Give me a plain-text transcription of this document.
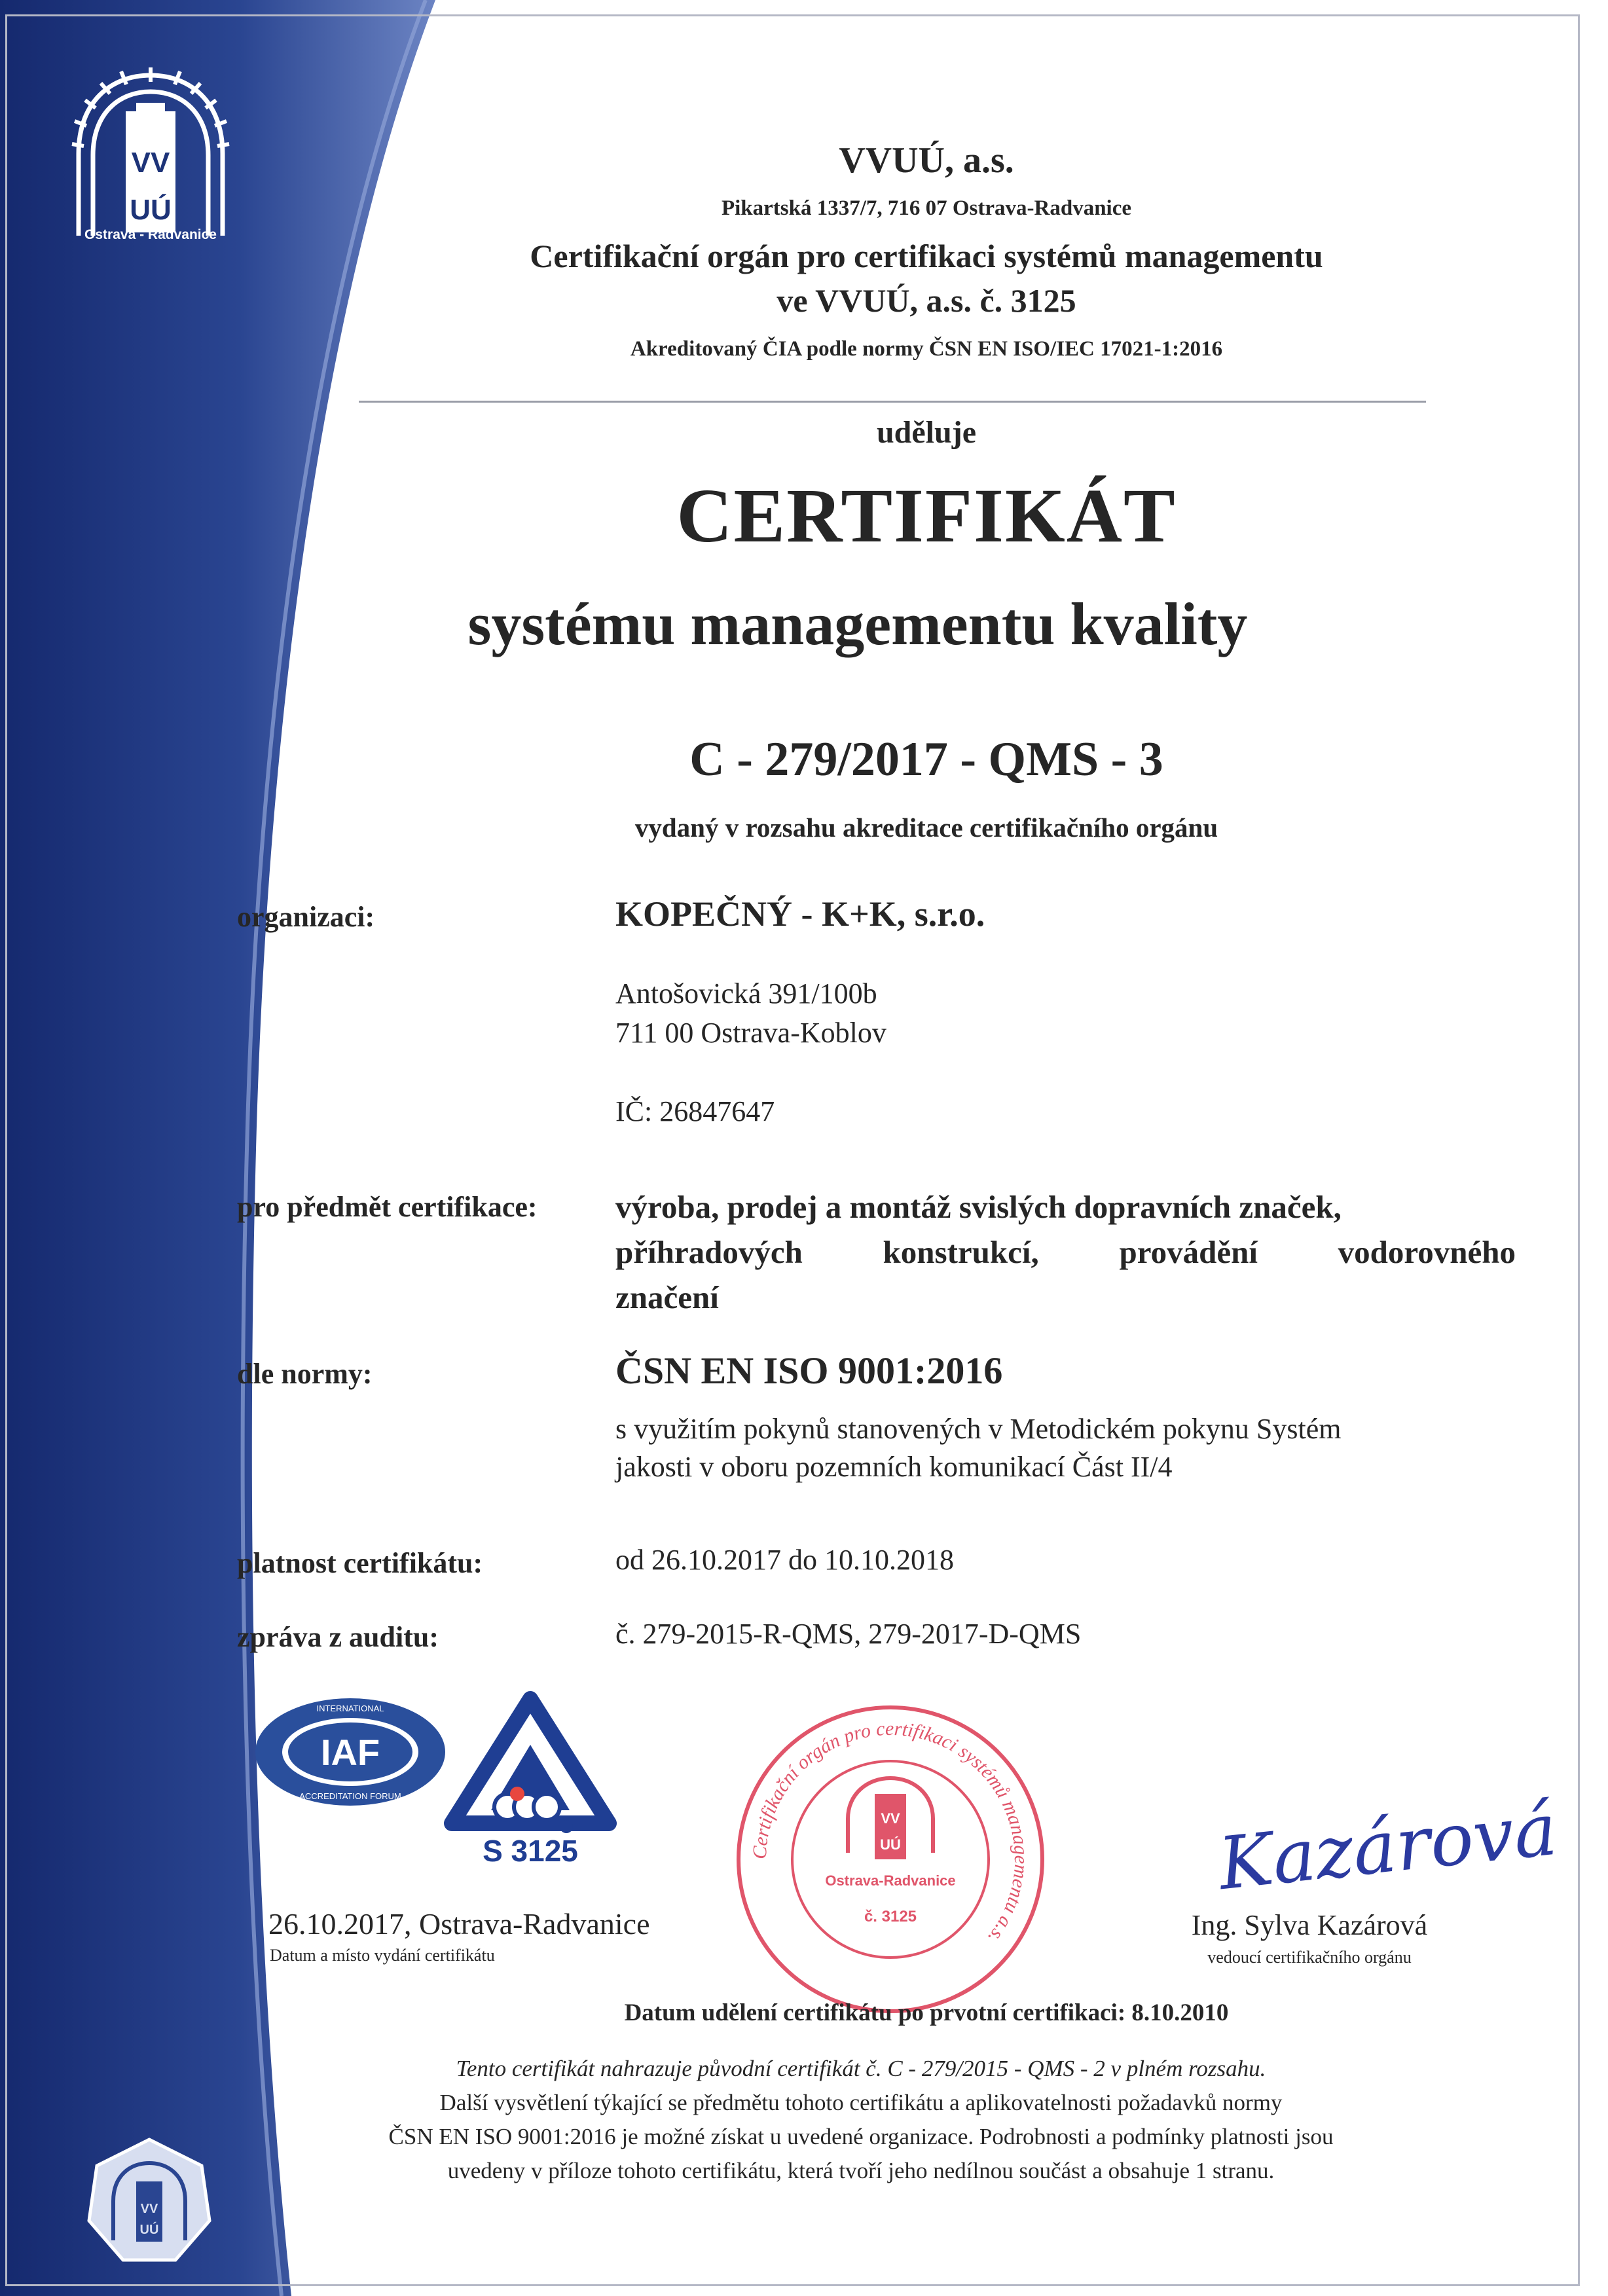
VV
UÚ
Ostrava - Radvanice
VV
UÚ
VVUÚ, a.s.
Pikartská 1337/7, 716 07 Ostrava-Radvanice
Certifikační orgán pro certifikaci systémů managementu
ve VVUÚ, a.s. č. 3125
Akreditovaný ČIA podle normy ČSN EN ISO/IEC 17021-1:2016
uděluje
CERTIFIKÁT
systému managementu kvality
C - 279/2017 - QMS - 3
vydaný v rozsahu akreditace certifikačního orgánu
organizaci:	KOPEČNÝ - K+K, s.r.o.
Antošovická 391/100b
711 00 Ostrava-Koblov
IČ: 26847647
pro předmět certifikace: výroba, prodej a montáž svislých dopravních značek,
příhradových konstrukcí, provádění vodorovného
značení
dle normy:	ČSN EN ISO 9001:2016
s využitím pokynů stanovených v Metodickém pokynu Systém
jakosti v oboru pozemních komunikací Část II/4
platnost certifikátu:	od 26.10.2017 do 10.10.2018
zpráva z auditu:	č. 279-2015-R-QMS, 279-2017-D-QMS
IAF
INTERNATIONAL
ACCREDITATION FORUM
S 3125	Certifikační orgán pro certifikaci systémů managementu a.s.
VV
UÚ
Ostrava-Radvanice
č. 3125
Kazárová
26.10.2017, Ostrava-Radvanice
Datum a místo vydání certifikátu
Ing. Sylva Kazárová
vedoucí certifikačního orgánu
Datum udělení certifikátu po prvotní certifikaci: 8.10.2010
Tento certifikát nahrazuje původní certifikát č. C - 279/2015 - QMS - 2 v plném rozsahu.
Další vysvětlení týkající se předmětu tohoto certifikátu a aplikovatelnosti požadavků normy
ČSN EN ISO 9001:2016 je možné získat u uvedené organizace. Podrobnosti a podmínky platnosti jsou
uvedeny v příloze tohoto certifikátu, která tvoří jeho nedílnou součást a obsahuje 1 stranu.
